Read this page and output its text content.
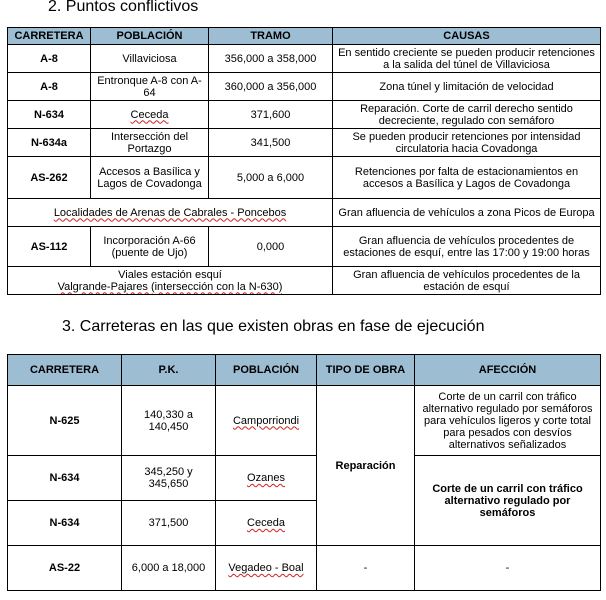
2. Puntos conflictivos
CARRETERA	POBLACIÓN	TRAMO	CAUSAS
A-8	Villaviciosa	356,000 a 358,000	En sentido creciente se pueden producir retenciones a la salida del túnel de Villaviciosa
A-8	Entronque A-8 con A-64	360,000 a 356,000	Zona túnel y limitación de velocidad
N-634	Ceceda	371,600	Reparación. Corte de carril derecho sentido decreciente, regulado con semáforo
N-634a	Intersección del Portazgo	341,500	Se pueden producir retenciones por intensidad circulatoria hacia Covadonga
AS-262	Accesos a Basílica y Lagos de Covadonga	5,000 a 6,000	Retenciones por falta de estacionamientos en accesos a Basílica y Lagos de Covadonga
Localidades de Arenas de Cabrales - Poncebos			Gran afluencia de vehículos a zona Picos de Europa
AS-112	Incorporación A-66 (puente de Ujo)	0,000	Gran afluencia de vehículos procedentes de estaciones de esquí, entre las 17:00 y 19:00 horas

Viales estación esquí
Valgrande-Pajares (intersección con la N-630)			Gran afluencia de vehículos procedentes de la estación de esquí
3. Carreteras en las que existen obras en fase de ejecución
CARRETERA	P.K.	POBLACIÓN	TIPO DE OBRA	AFECCIÓN
N-625	140,330 a 140,450	Camporriondi	Reparación	Corte de un carril con tráfico alternativo regulado por semáforos para vehículos ligeros y corte total para pesados con desvíos alternativos señalizados
N-634	345,250 y 345,650	Ozanes		Corte de un carril con tráfico alternativo regulado por semáforos
N-634	371,500	Ceceda		
AS-22	6,000 a 18,000	Vegadeo - Boal	-	-
